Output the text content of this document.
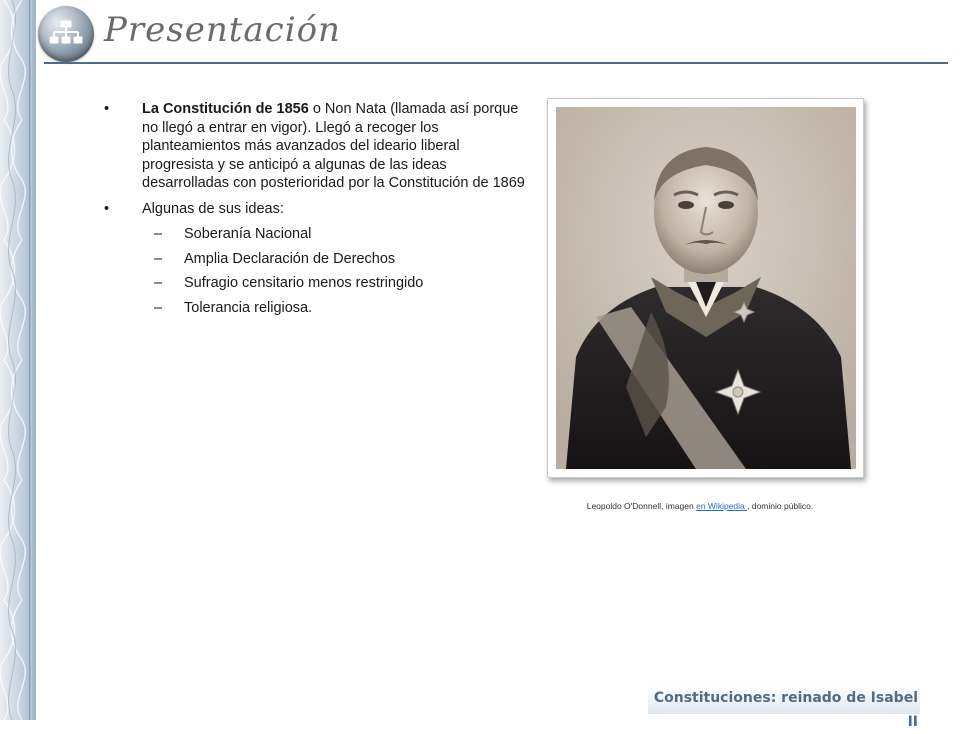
Presentación
• La Constitución de 1856 o Non Nata (llamada así porque no llegó a entrar en vigor). Llegó a recoger los planteamientos más avanzados del ideario liberal progresista y se anticipó a algunas de las ideas desarrolladas con posterioridad por la Constitución de 1869
• Algunas de sus ideas:
– Soberanía Nacional
– Amplia Declaración de Derechos
– Sufragio censitario menos restringido
– Tolerancia religiosa.
Leopoldo O'Donnell, imagen en Wikipedia , dominio público.
Constituciones: reinado de Isabel II
